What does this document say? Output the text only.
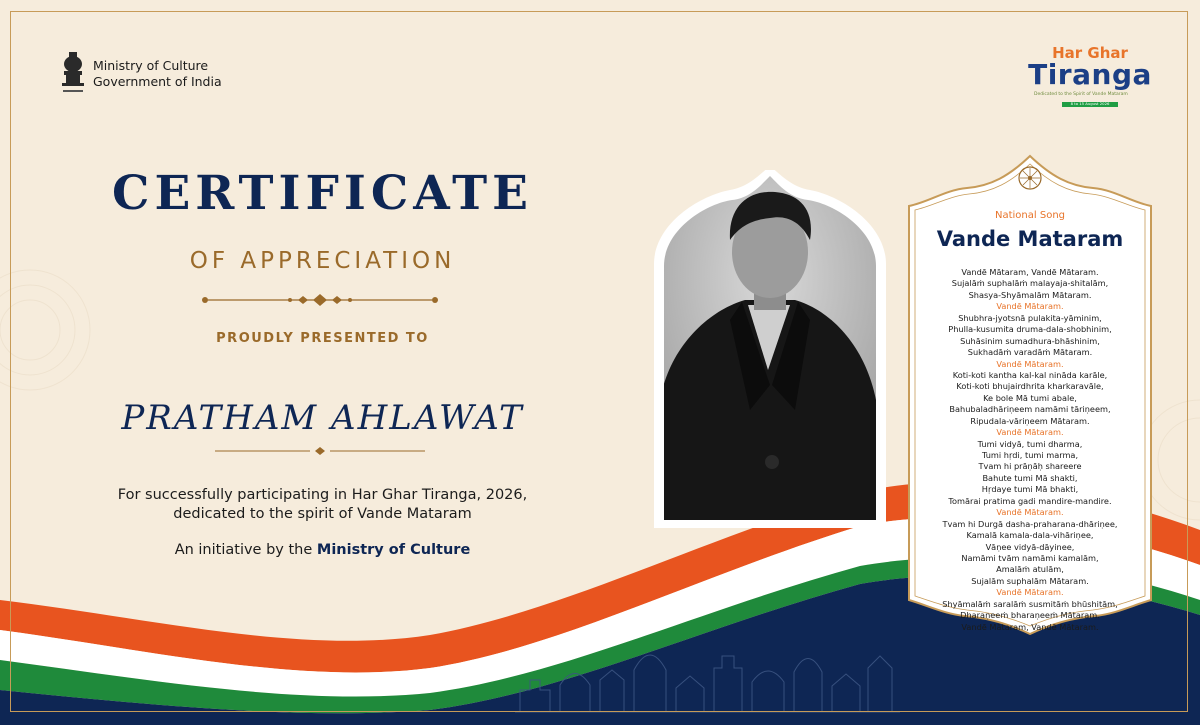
Ministry of Culture
Government of India
Har Ghar
Tiranga
Dedicated to the Spirit of Vande Mataram
8 to 15 August 2026
CERTIFICATE
OF APPRECIATION
PROUDLY PRESENTED TO
PRATHAM AHLAWAT
For successfully participating in Har Ghar Tiranga, 2026,
dedicated to the spirit of Vande Mataram
An initiative by the Ministry of Culture
National Song
Vande Mataram
Vandē Mātaram, Vandē Mātaram.
Sujalāṁ suphalāṁ malayaja-shitalām,
Shasya-Shyāmalām Mātaram.
Vandē Mātaram.
Shubhra-jyotsnā pulakita-yāminim,
Phulla-kusumita druma-dala-shobhinim,
Suhāsinim sumadhura-bhāshinim,
Sukhadāṁ varadāṁ Mātaram.
Vandē Mātaram.
Koti-koti kantha kal-kal nināda karāle,
Koti-koti bhujairdhrita kharkaravāle,
Ke bole Mā tumi abale,
Bahubaladhāriṇeem namāmi tāriṇeem,
Ripudala-vāriṇeem Mātaram.
Vandē Mātaram.
Tumi vidyā, tumi dharma,
Tumi hṛdi, tumi marma,
Tvam hi prāṇāḥ shareere
Bahute tumi Mā shakti,
Hṛdaye tumi Mā bhakti,
Tomārai pratima gadi mandire-mandire.
Vandē Mātaram.
Tvam hi Durgā dasha-praharana-dhāriṇee,
Kamalā kamala-dala-vihāriṇee,
Vāṇee vidyā-dāyinee,
Namāmi tvām namāmi kamalām,
Amalāṁ atulām,
Sujalām suphalām Mātaram.
Vandē Mātaram.
Shyāmalāṁ saralāṁ susmitāṁ bhūshitām,
Dharaṇeeṁ bharaṇeeṁ Mātaram.
Vandē Mātaram, Vandē Mātaram.
